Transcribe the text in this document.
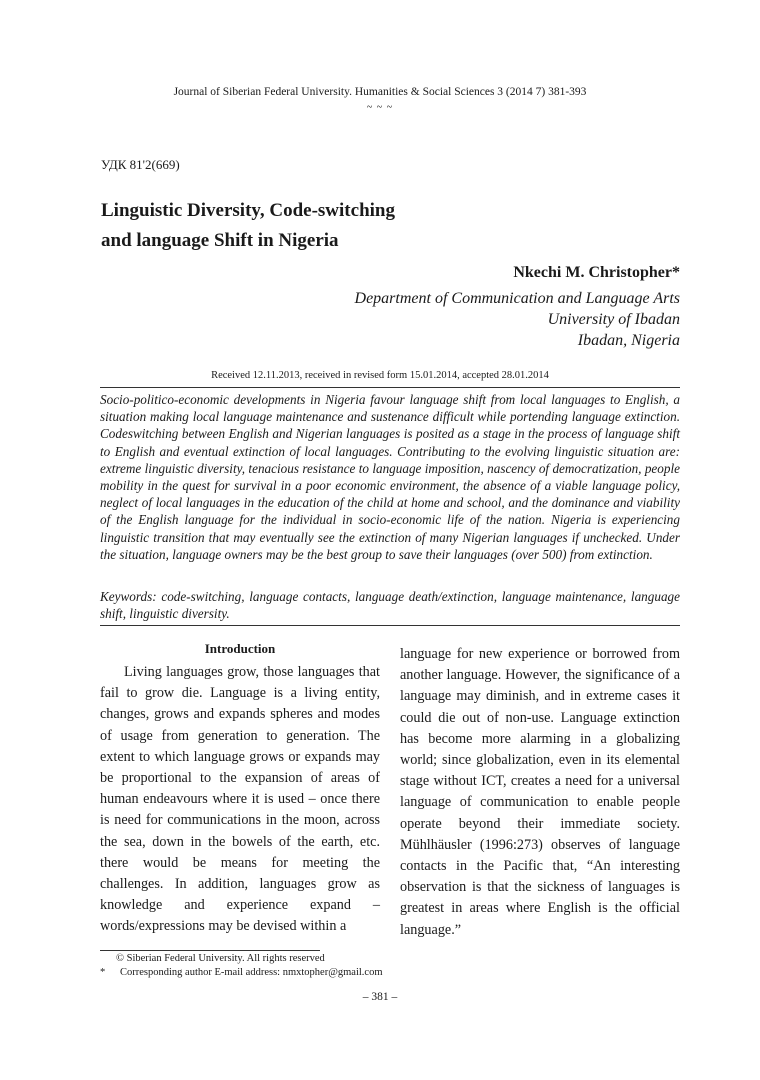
Journal of Siberian Federal University. Humanities & Social Sciences 3 (2014 7) 381-393
~ ~ ~
УДК 81'2(669)
Linguistic Diversity, Code-switching
and language Shift in Nigeria
Nkechi M. Christopher*
Department of Communication and Language Arts
University of Ibadan
Ibadan, Nigeria
Received 12.11.2013, received in revised form 15.01.2014, accepted 28.01.2014

Socio-politico-economic developments in Nigeria favour language shift from local languages to English, a situation making local language maintenance and sustenance difficult while portending language extinction. Codeswitching between English and Nigerian languages is posited as a stage in the process of language shift to English and eventual extinction of local languages. Contributing to the evolving linguistic situation are: extreme linguistic diversity, tenacious resistance to language imposition, nascency of democratization, people mobility in the quest for survival in a poor economic environment, the absence of a viable language policy, neglect of local languages in the education of the child at home and school, and the dominance and viability of the English language for the individual in socio-economic life of the nation. Nigeria is experiencing linguistic transition that may eventually see the extinction of many Nigerian languages if unchecked. Under the situation, language owners may be the best group to save their languages (over 500) from extinction.

Keywords: code-switching, language contacts, language death/extinction, language maintenance, language shift, linguistic diversity.

Introduction

Living languages grow, those languages that fail to grow die. Language is a living entity, changes, grows and expands spheres and modes of usage from generation to generation. The extent to which language grows or expands may be proportional to the expansion of areas of human endeavours where it is used – once there is need for communications in the moon, across the sea, down in the bowels of the earth, etc. there would be means for meeting the challenges. In addition, languages grow as knowledge and experience expand – words/expressions may be devised within a

language for new experience or borrowed from another language. However, the significance of a language may diminish, and in extreme cases it could die out of non-use. Language extinction has become more alarming in a globalizing world; since globalization, even in its elemental stage without ICT, creates a need for a universal language of communication to enable people operate beyond their immediate society. Mühlhäusler (1996:273) observes of language contacts in the Pacific that, “An interesting observation is that the sickness of languages is greatest in areas where English is the official language.”

© Siberian Federal University. All rights reserved
* Corresponding author E-mail address: nmxtopher@gmail.com
– 381 –
